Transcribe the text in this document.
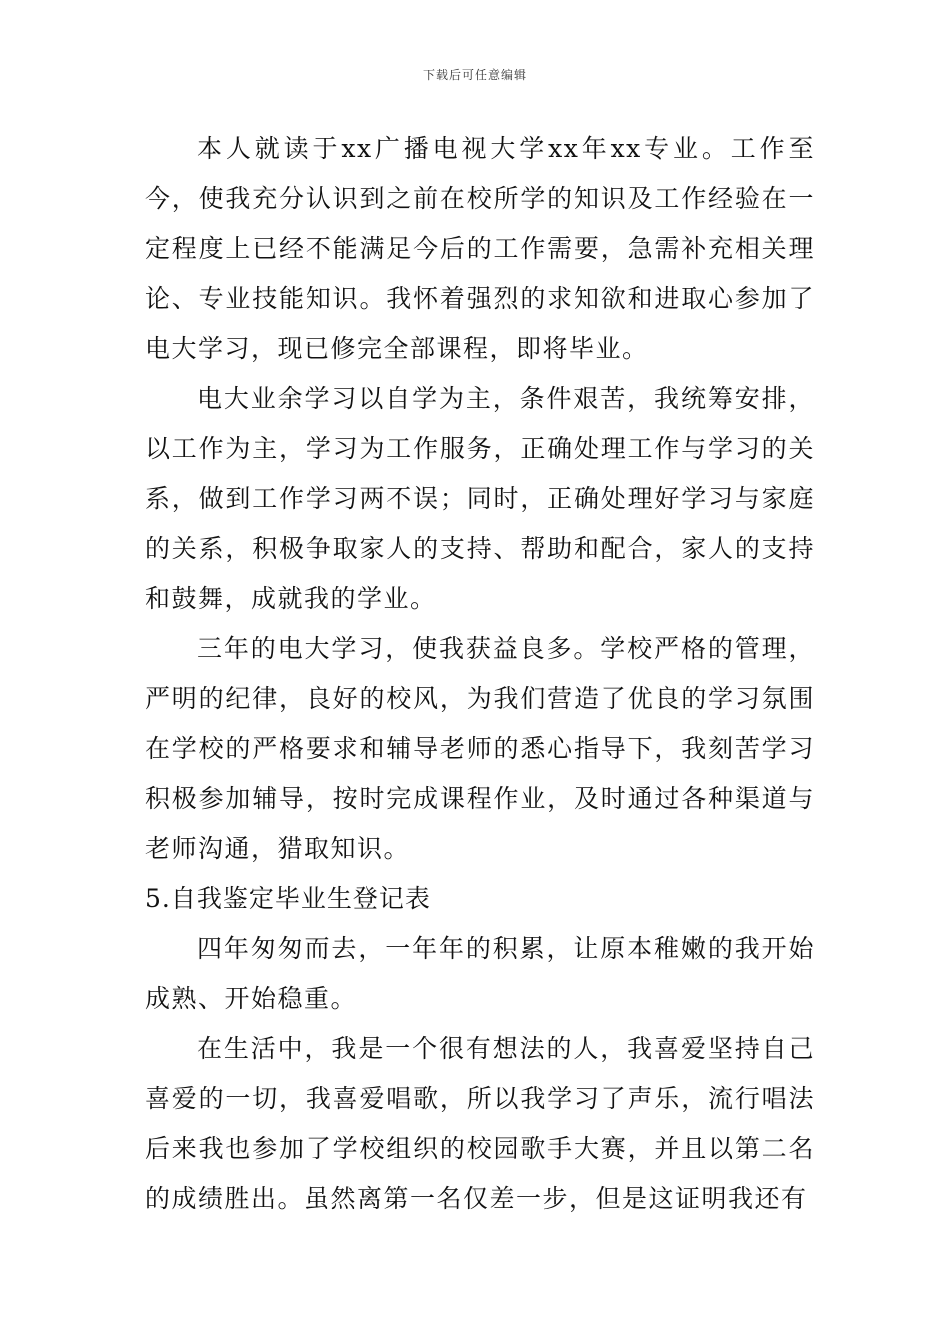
下载后可任意编辑

本人就读于xx广播电视大学xx年xx专业。工作至今，使我充分认识到之前在校所学的知识及工作经验在一定程度上已经不能满足今后的工作需要，急需补充相关理论、专业技能知识。我怀着强烈的求知欲和进取心参加了电大学习，现已修完全部课程，即将毕业。

电大业余学习以自学为主，条件艰苦，我统筹安排，以工作为主，学习为工作服务，正确处理工作与学习的关系，做到工作学习两不误；同时，正确处理好学习与家庭的关系，积极争取家人的支持、帮助和配合，家人的支持和鼓舞，成就我的学业。

三年的电大学习，使我获益良多。学校严格的管理，严明的纪律，良好的校风，为我们营造了优良的学习氛围在学校的严格要求和辅导老师的悉心指导下，我刻苦学习积极参加辅导，按时完成课程作业，及时通过各种渠道与老师沟通，猎取知识。

5.自我鉴定毕业生登记表

四年匆匆而去，一年年的积累，让原本稚嫩的我开始成熟、开始稳重。

在生活中，我是一个很有想法的人，我喜爱坚持自己喜爱的一切，我喜爱唱歌，所以我学习了声乐，流行唱法后来我也参加了学校组织的校园歌手大赛，并且以第二名的成绩胜出。虽然离第一名仅差一步，但是这证明我还有
